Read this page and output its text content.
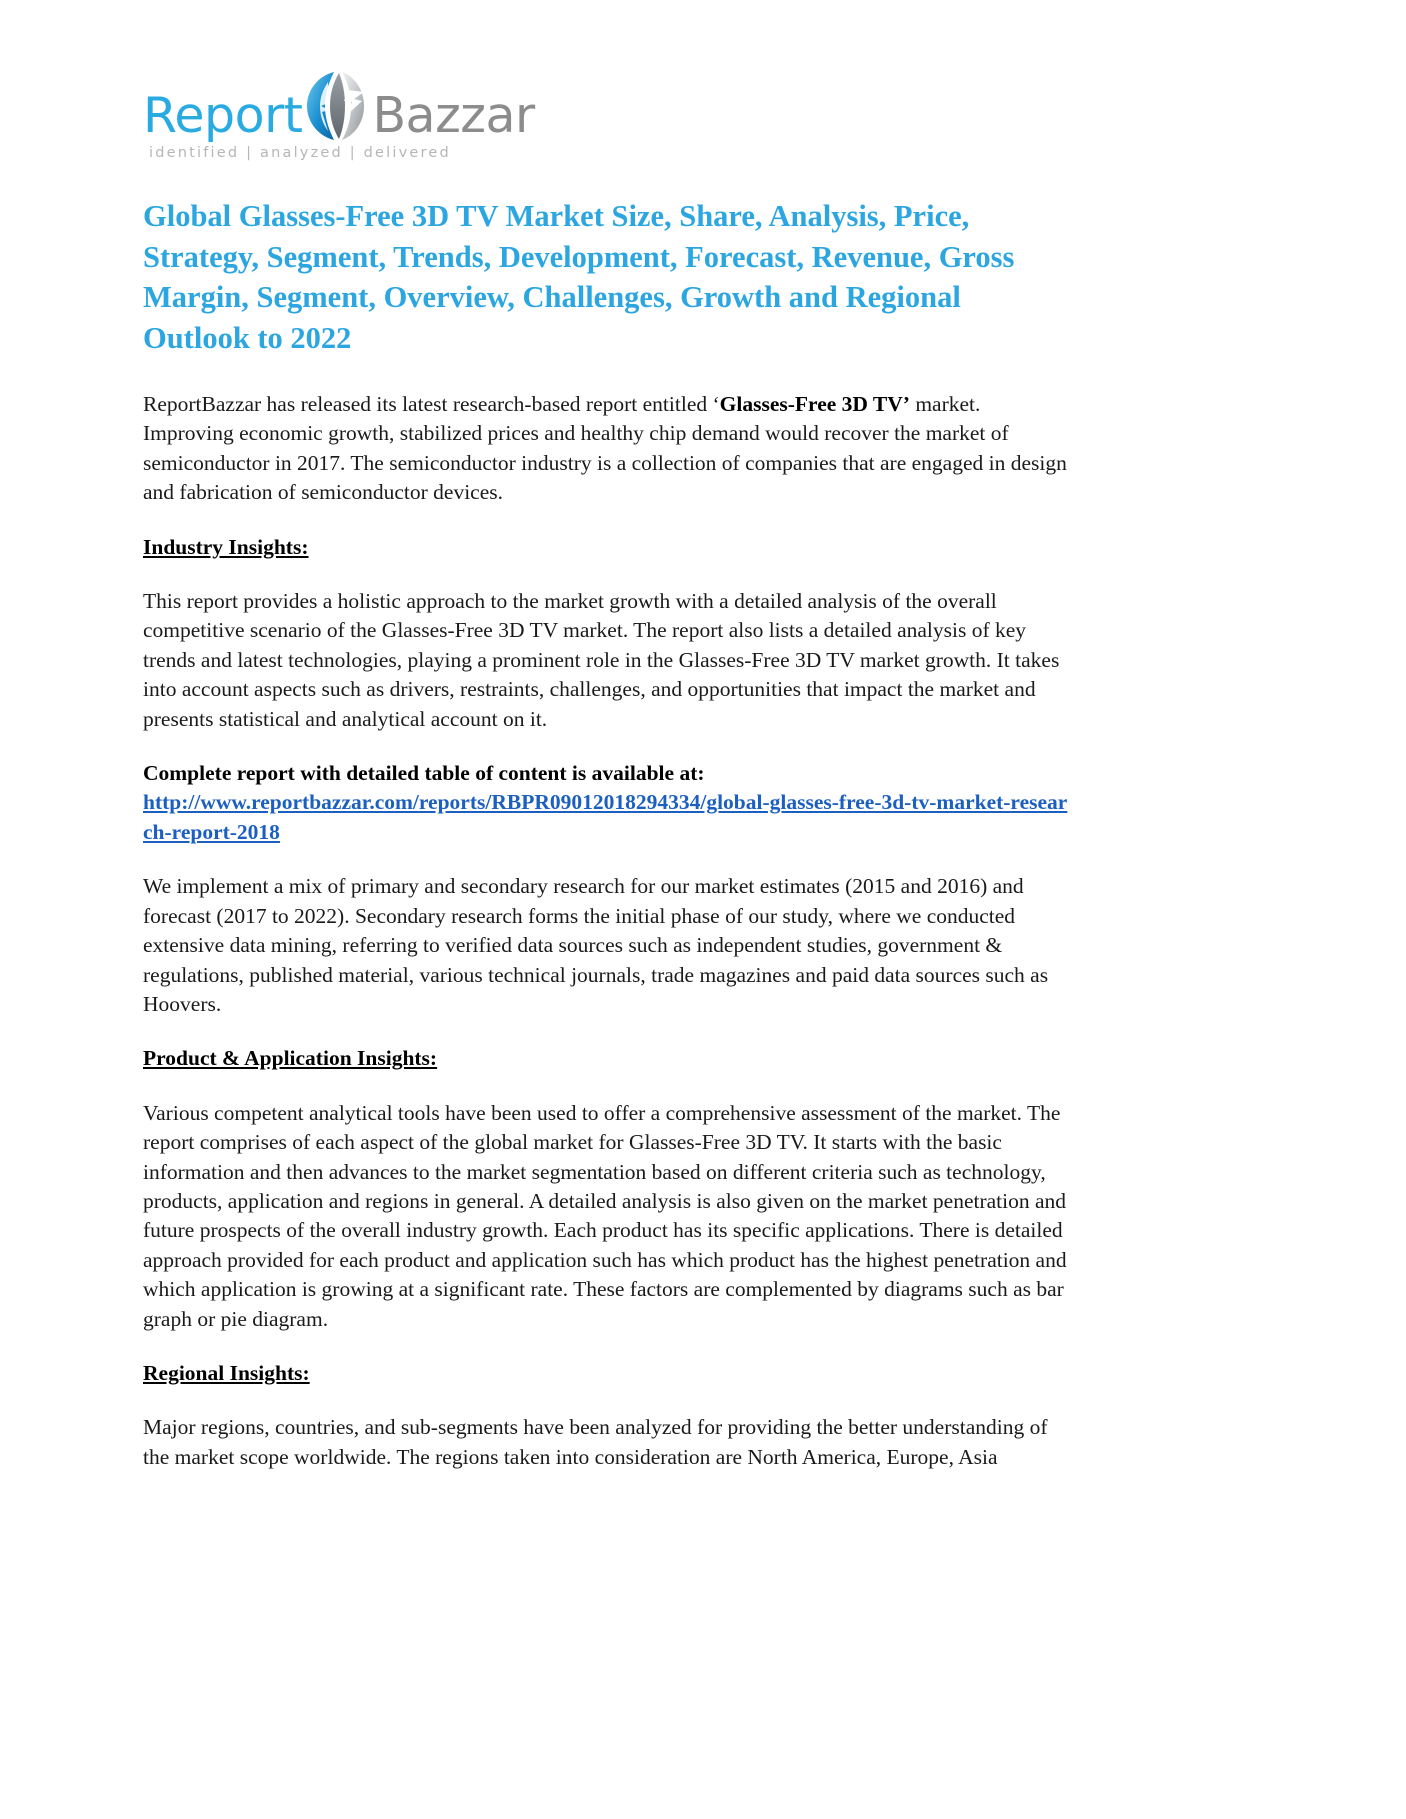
Report Bazzar
identified | analyzed | delivered
Global Glasses-Free 3D TV Market Size, Share, Analysis, Price, Strategy, Segment, Trends, Development, Forecast, Revenue, Gross Margin, Segment, Overview, Challenges, Growth and Regional Outlook to 2022

ReportBazzar has released its latest research-based report entitled ‘Glasses-Free 3D TV’ market. Improving economic growth, stabilized prices and healthy chip demand would recover the market of semiconductor in 2017. The semiconductor industry is a collection of companies that are engaged in design and fabrication of semiconductor devices.

Industry Insights:

This report provides a holistic approach to the market growth with a detailed analysis of the overall competitive scenario of the Glasses-Free 3D TV market. The report also lists a detailed analysis of key trends and latest technologies, playing a prominent role in the Glasses-Free 3D TV market growth. It takes into account aspects such as drivers, restraints, challenges, and opportunities that impact the market and presents statistical and analytical account on it.

Complete report with detailed table of content is available at:
http://www.reportbazzar.com/reports/RBPR09012018294334/global-glasses-free-3d-tv-market-research-report-2018

We implement a mix of primary and secondary research for our market estimates (2015 and 2016) and forecast (2017 to 2022). Secondary research forms the initial phase of our study, where we conducted extensive data mining, referring to verified data sources such as independent studies, government & regulations, published material, various technical journals, trade magazines and paid data sources such as Hoovers.

Product & Application Insights:

Various competent analytical tools have been used to offer a comprehensive assessment of the market. The report comprises of each aspect of the global market for Glasses-Free 3D TV. It starts with the basic information and then advances to the market segmentation based on different criteria such as technology, products, application and regions in general. A detailed analysis is also given on the market penetration and future prospects of the overall industry growth. Each product has its specific applications. There is detailed approach provided for each product and application such has which product has the highest penetration and which application is growing at a significant rate. These factors are complemented by diagrams such as bar graph or pie diagram.

Regional Insights:

Major regions, countries, and sub-segments have been analyzed for providing the better understanding of the market scope worldwide. The regions taken into consideration are North America, Europe, Asia
